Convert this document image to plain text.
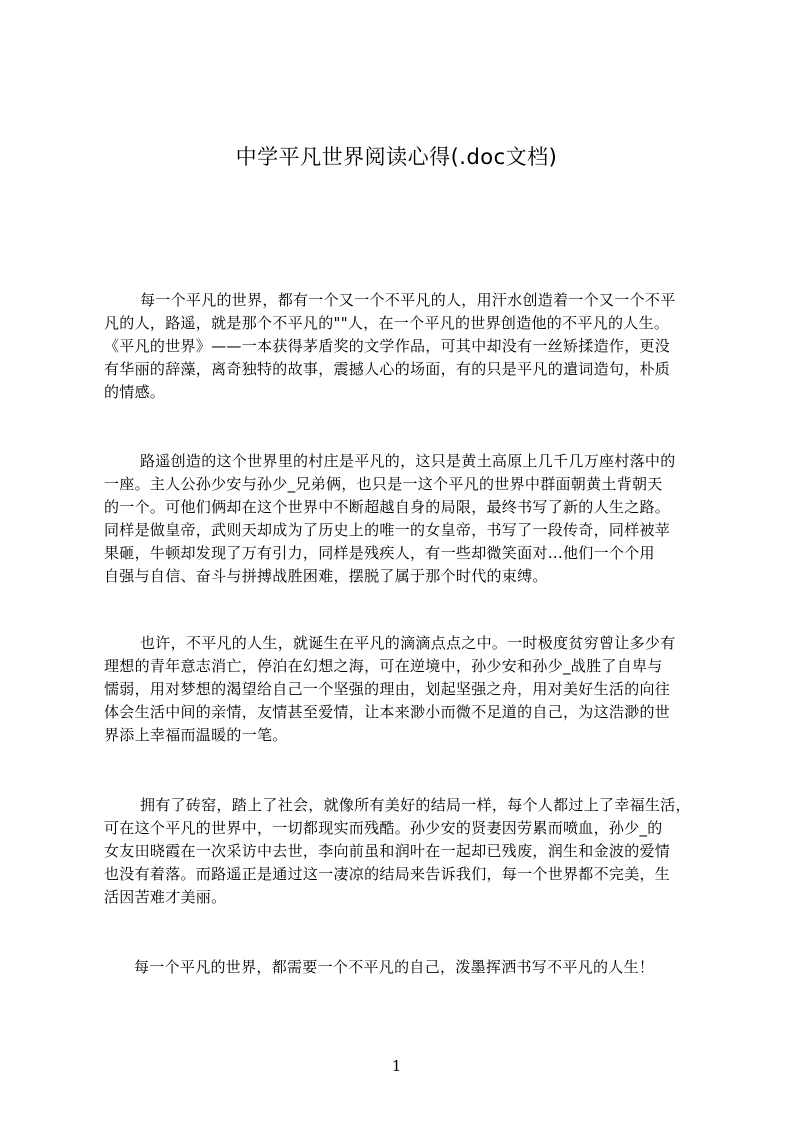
中学平凡世界阅读心得(.doc文档)
每一个平凡的世界，都有一个又一个不平凡的人，用汗水创造着一个又一个不平
凡的人，路遥，就是那个不平凡的""人，在一个平凡的世界创造他的不平凡的人生。
《平凡的世界》——一本获得茅盾奖的文学作品，可其中却没有一丝矫揉造作，更没
有华丽的辞藻，离奇独特的故事，震撼人心的场面，有的只是平凡的遣词造句，朴质
的情感。
路遥创造的这个世界里的村庄是平凡的，这只是黄土高原上几千几万座村落中的
一座。主人公孙少安与孙少_兄弟俩，也只是一这个平凡的世界中群面朝黄土背朝天
的一个。可他们俩却在这个世界中不断超越自身的局限，最终书写了新的人生之路。
同样是做皇帝，武则天却成为了历史上的唯一的女皇帝，书写了一段传奇，同样被苹
果砸，牛顿却发现了万有引力，同样是残疾人，有一些却微笑面对…他们一个个用
自强与自信、奋斗与拼搏战胜困难，摆脱了属于那个时代的束缚。
也许，不平凡的人生，就诞生在平凡的滴滴点点之中。一时极度贫穷曾让多少有
理想的青年意志消亡，停泊在幻想之海，可在逆境中，孙少安和孙少_战胜了自卑与
懦弱，用对梦想的渴望给自己一个坚强的理由，划起坚强之舟，用对美好生活的向往
体会生活中间的亲情，友情甚至爱情，让本来渺小而微不足道的自己，为这浩渺的世
界添上幸福而温暖的一笔。
拥有了砖窑，踏上了社会，就像所有美好的结局一样，每个人都过上了幸福生活，
可在这个平凡的世界中，一切都现实而残酷。孙少安的贤妻因劳累而喷血，孙少_的
女友田晓霞在一次采访中去世，李向前虽和润叶在一起却已残废，润生和金波的爱情
也没有着落。而路遥正是通过这一凄凉的结局来告诉我们，每一个世界都不完美，生
活因苦难才美丽。
每一个平凡的世界，都需要一个不平凡的自己，泼墨挥洒书写不平凡的人生！
1
